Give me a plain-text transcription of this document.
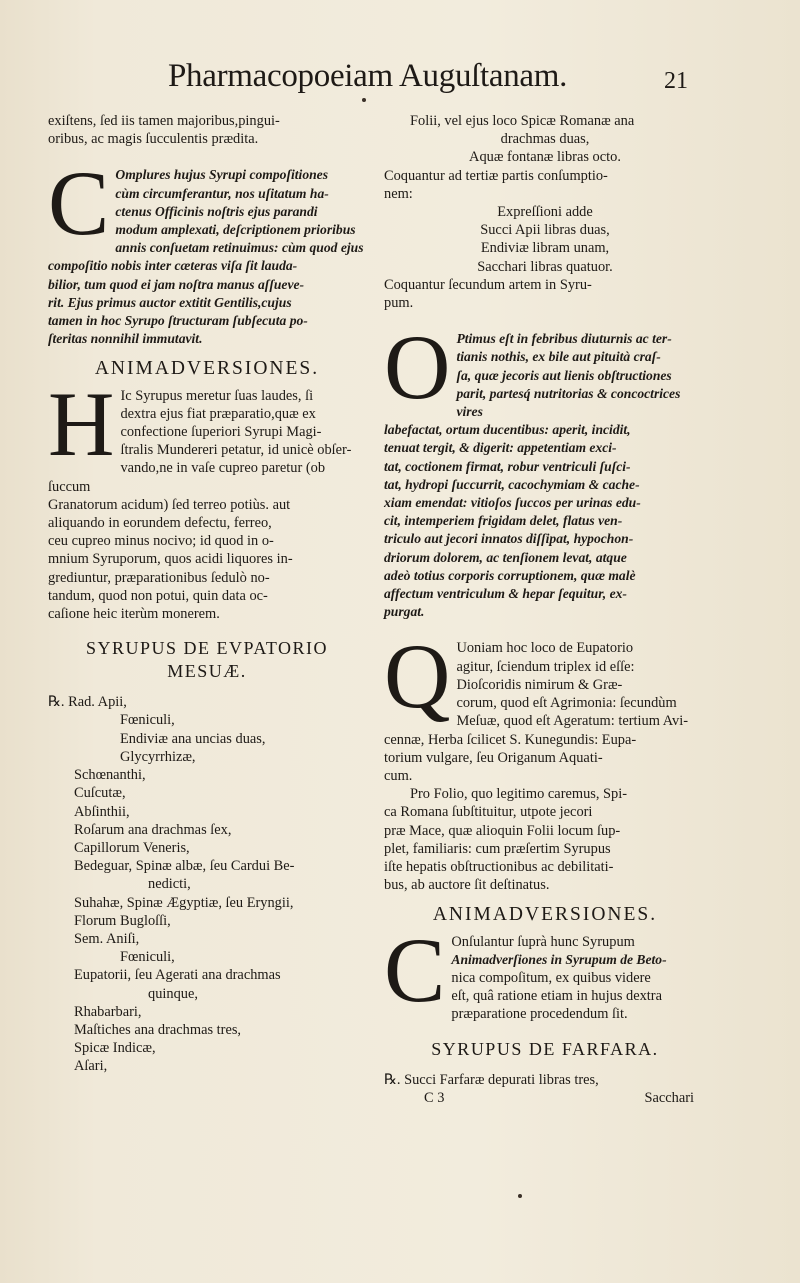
Pharmacopoeiam Auguſtanam.	21

exiſtens, ſed iis tamen majoribus,pingui-

oribus, ac magis ſucculentis prædita.

C Omplures hujus Syrupi compoſitiones
cùm circumferantur, nos uſitatum ha-
ctenus Officinis noſtris ejus parandi
modum amplexati, deſcriptionem prioribus
annis conſuetam retinuimus: cùm quod ejus
compoſitio nobis inter cæteras viſa ſit lauda-
bilior, tum quod ei jam noſtra manus aſſueve-
rit. Ejus primus auctor extitit Gentilis,cujus
tamen in hoc Syrupo ſtructuram ſubſecuta po-
ſteritas nonnihil immutavit.
ANIMADVERSIONES.
H Ic Syrupus meretur ſuas laudes, ſi
dextra ejus fiat præparatio,quæ ex
confectione ſuperiori Syrupi Magi-
ſtralis Mundereri petatur, id unicè obſer-
vando,ne in vaſe cupreo paretur (ob ſuccum
Granatorum acidum) ſed terreo potiùs. aut
aliquando in eorundem defectu, ferreo,
ceu cupreo minus nocivo; id quod in o-
mnium Syruporum, quos acidi liquores in-
grediuntur, præparationibus ſedulò no-
tandum, quod non potui, quin data oc-
caſione heic iterùm monerem.
SYRUPUS DE EVPATORIO
MESUÆ.
℞. Rad. Apii,
Fœniculi,
Endiviæ ana uncias duas,
Glycyrrhizæ,
Schœnanthi,
Cuſcutæ,
Abſinthii,
Roſarum ana drachmas ſex,
Capillorum Veneris,
Bedeguar, Spinæ albæ, ſeu Cardui Be-
nedicti,
Suhahæ, Spinæ Ægyptiæ, ſeu Eryngii,
Florum Bugloſſi,
Sem. Aniſi,
Fœniculi,
Eupatorii, ſeu Agerati ana drachmas
quinque,
Rhabarbari,
Maſtiches ana drachmas tres,
Spicæ Indicæ,
Aſari,
Folii, vel ejus loco Spicæ Romanæ ana
drachmas duas,
Aquæ fontanæ libras octo.
Coquantur ad tertiæ partis conſumptio-
nem:
Expreſſioni adde
Succi Apii libras duas,
Endiviæ libram unam,
Sacchari libras quatuor.
Coquantur ſecundum artem in Syru-
pum.
O Ptimus eſt in febribus diuturnis ac ter-
tianis nothis, ex bile aut pituità craſ-
ſa, quæ jecoris aut lienis obſtructiones
parit, partesq́ nutritorias & concoctrices vires
labefactat, ortum ducentibus: aperit, incidit,
tenuat tergit, & digerit: appetentiam exci-
tat, coctionem firmat, robur ventriculi ſuſci-
tat, hydropi ſuccurrit, cacochymiam & cache-
xiam emendat: vitioſos ſuccos per urinas edu-
cit, intemperiem frigidam delet, flatus ven-
triculo aut jecori innatos diſſipat, hypochon-
driorum dolorem, ac tenſionem levat, atque
adeò totius corporis corruptionem, quæ malè
affectum ventriculum & hepar ſequitur, ex-
purgat.
Q Uoniam hoc loco de Eupatorio
agitur, ſciendum triplex id eſſe:
Dioſcoridis nimirum & Græ-
corum, quod eſt Agrimonia: ſecundùm
Meſuæ, quod eſt Ageratum: tertium Avi-
cennæ, Herba ſcilicet S. Kunegundis: Eupa-
torium vulgare, ſeu Origanum Aquati-
cum.
Pro Folio, quo legitimo caremus, Spi-
ca Romana ſubſtituitur, utpote jecori
præ Mace, quæ alioquin Folii locum ſup-
plet, familiaris: cum præſertim Syrupus
iſte hepatis obſtructionibus ac debilitati-
bus, ab auctore ſit deſtinatus.
ANIMADVERSIONES.
C Onſulantur ſuprà hunc Syrupum
Animadverſiones in Syrupum de Beto-
nica compoſitum, ex quibus videre
eſt, quâ ratione etiam in hujus dextra
præparatione procedendum ſit.
SYRUPUS DE FARFARA.
℞. Succi Farfaræ depurati libras tres,
C 3	Sacchari
